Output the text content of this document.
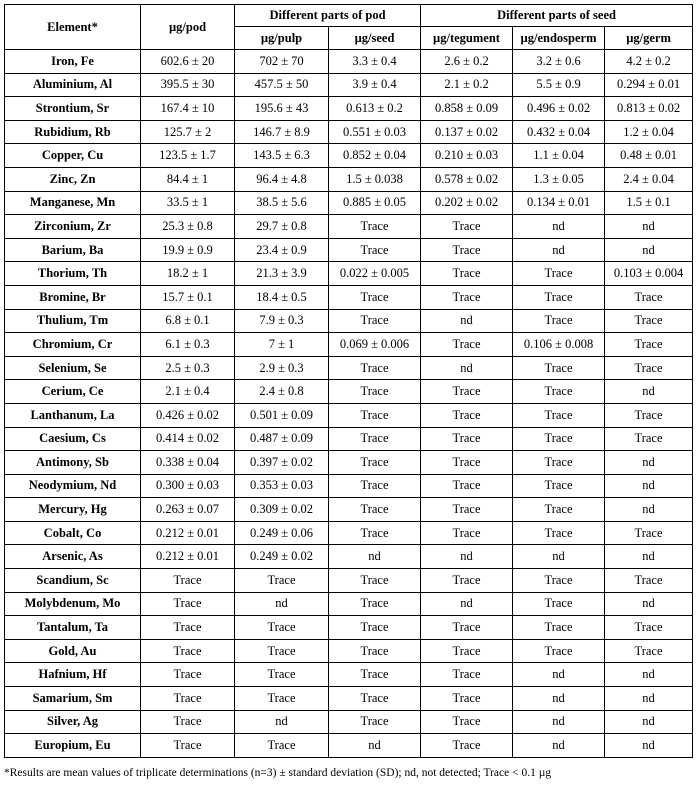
Element*	µg/pod	Different parts of pod		Different parts of seed		
		µg/pulp	µg/seed	µg/tegument	µg/endosperm	µg/germ
Iron, Fe	602.6 ± 20	702 ± 70	3.3 ± 0.4	2.6 ± 0.2	3.2 ± 0.6	4.2 ± 0.2
Aluminium, Al	395.5 ± 30	457.5 ± 50	3.9 ± 0.4	2.1 ± 0.2	5.5 ± 0.9	0.294 ± 0.01
Strontium, Sr	167.4 ± 10	195.6 ± 43	0.613 ± 0.2	0.858 ± 0.09	0.496 ± 0.02	0.813 ± 0.02
Rubidium, Rb	125.7 ± 2	146.7 ± 8.9	0.551 ± 0.03	0.137 ± 0.02	0.432 ± 0.04	1.2 ± 0.04
Copper, Cu	123.5 ± 1.7	143.5 ± 6.3	0.852 ± 0.04	0.210 ± 0.03	1.1 ± 0.04	0.48 ± 0.01
Zinc, Zn	84.4 ± 1	96.4 ± 4.8	1.5 ± 0.038	0.578 ± 0.02	1.3 ± 0.05	2.4 ± 0.04
Manganese, Mn	33.5 ± 1	38.5 ± 5.6	0.885 ± 0.05	0.202 ± 0.02	0.134 ± 0.01	1.5 ± 0.1
Zirconium, Zr	25.3 ± 0.8	29.7 ± 0.8	Trace	Trace	nd	nd
Barium, Ba	19.9 ± 0.9	23.4 ± 0.9	Trace	Trace	nd	nd
Thorium, Th	18.2 ± 1	21.3 ± 3.9	0.022 ± 0.005	Trace	Trace	0.103 ± 0.004
Bromine, Br	15.7 ± 0.1	18.4 ± 0.5	Trace	Trace	Trace	Trace
Thulium, Tm	6.8 ± 0.1	7.9 ± 0.3	Trace	nd	Trace	Trace
Chromium, Cr	6.1 ± 0.3	7 ± 1	0.069 ± 0.006	Trace	0.106 ± 0.008	Trace
Selenium, Se	2.5 ± 0.3	2.9 ± 0.3	Trace	nd	Trace	Trace
Cerium, Ce	2.1 ± 0.4	2.4 ± 0.8	Trace	Trace	Trace	nd
Lanthanum, La	0.426 ± 0.02	0.501 ± 0.09	Trace	Trace	Trace	Trace
Caesium, Cs	0.414 ± 0.02	0.487 ± 0.09	Trace	Trace	Trace	Trace
Antimony, Sb	0.338 ± 0.04	0.397 ± 0.02	Trace	Trace	Trace	nd
Neodymium, Nd	0.300 ± 0.03	0.353 ± 0.03	Trace	Trace	Trace	nd
Mercury, Hg	0.263 ± 0.07	0.309 ± 0.02	Trace	Trace	Trace	nd
Cobalt, Co	0.212 ± 0.01	0.249 ± 0.06	Trace	Trace	Trace	Trace
Arsenic, As	0.212 ± 0.01	0.249 ± 0.02	nd	nd	nd	nd
Scandium, Sc	Trace	Trace	Trace	Trace	Trace	Trace
Molybdenum, Mo	Trace	nd	Trace	nd	Trace	nd
Tantalum, Ta	Trace	Trace	Trace	Trace	Trace	Trace
Gold, Au	Trace	Trace	Trace	Trace	Trace	Trace
Hafnium, Hf	Trace	Trace	Trace	Trace	nd	nd
Samarium, Sm	Trace	Trace	Trace	Trace	nd	nd
Silver, Ag	Trace	nd	Trace	Trace	nd	nd
Europium, Eu	Trace	Trace	nd	Trace	nd	nd
*Results are mean values of triplicate determinations (n=3) ± standard deviation (SD); nd, not detected; Trace < 0.1 µg
